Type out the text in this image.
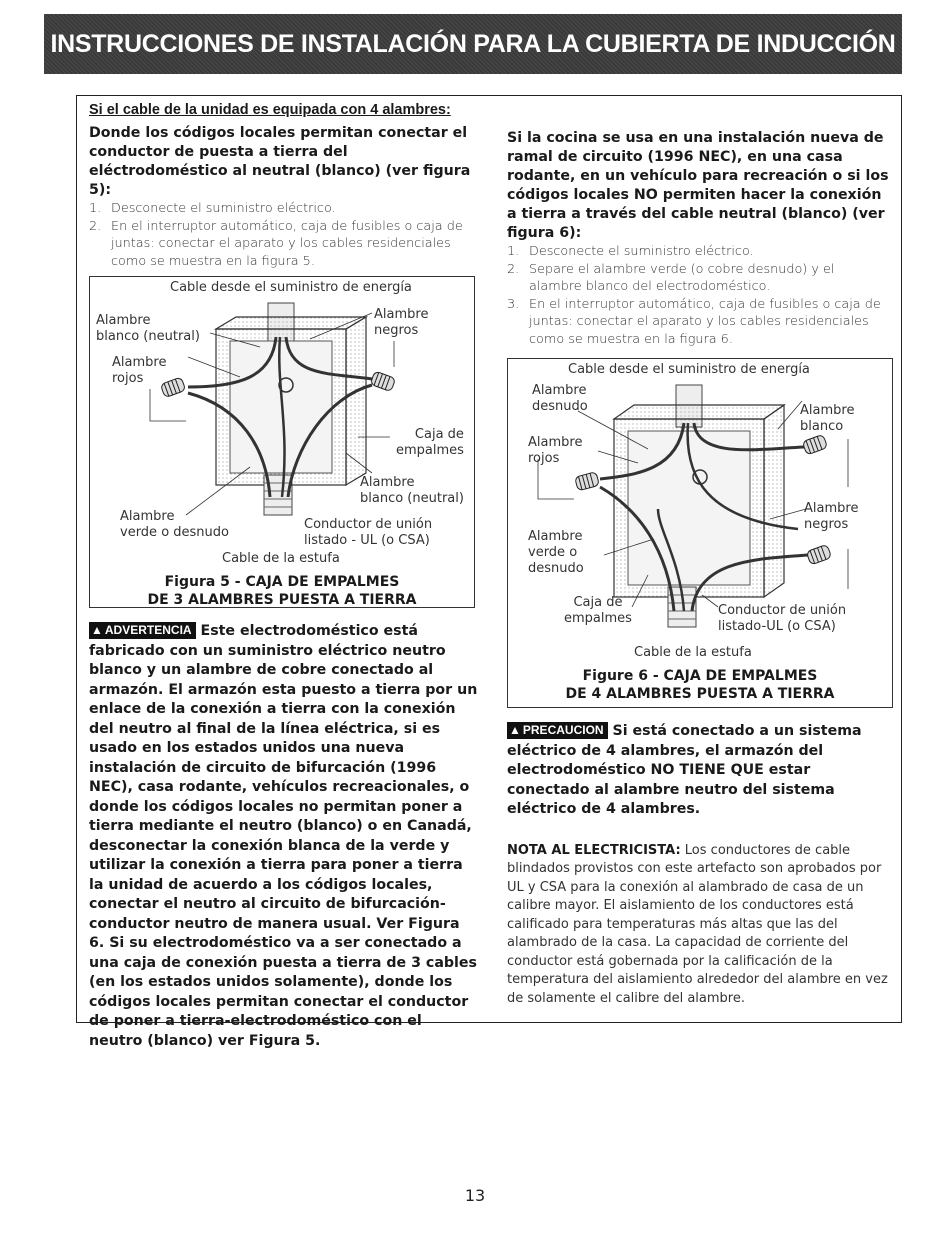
INSTRUCCIONES DE INSTALACIÓN PARA LA CUBIERTA DE INDUCCIÓN
Si el cable de la unidad es equipada con 4 alambres:

Donde los códigos locales permitan conectar el conductor de puesta a tierra del eléctrodoméstico al neutral (blanco) (ver figura 5):

1. Desconecte el suministro eléctrico.
2. En el interruptor automático, caja de fusibles o caja de juntas: conectar el aparato y los cables residenciales como se muestra en la figura 5.
Cable desde el suministro de energía
Alambre
blanco (neutral)
Alambre
negros
Alambre
rojos
Caja de
empalmes
Alambre
blanco (neutral)
Alambre
verde o desnudo
Conductor de unión
listado - UL (o CSA)
Cable de la estufa
Figura 5 - CAJA DE EMPALMES
DE 3 ALAMBRES PUESTA A TIERRA

▲ ADVERTENCIA Este electrodoméstico está fabricado con un suministro eléctrico neutro blanco y un alambre de cobre conectado al armazón. El armazón esta puesto a tierra por un enlace de la conexión a tierra con la conexión del neutro al final de la línea eléctrica, si es usado en los estados unidos una nueva instalación de circuito de bifurcación (1996 NEC), casa rodante, vehículos recreacionales, o donde los códigos locales no permitan poner a tierra mediante el neutro (blanco) o en Canadá, desconectar la conexión blanca de la verde y utilizar la conexión a tierra para poner a tierra la unidad de acuerdo a los códigos locales, conectar el neutro al circuito de bifurcación- conductor neutro de manera usual. Ver Figura 6. Si su electrodoméstico va a ser conectado a una caja de conexión puesta a tierra de 3 cables (en los estados unidos solamente), donde los códigos locales permitan conectar el conductor de poner a tierra-electrodoméstico con el neutro (blanco) ver Figura 5.

Si la cocina se usa en una instalación nueva de ramal de circuito (1996 NEC), en una casa rodante, en un vehículo para recreación o si los códigos locales NO permiten hacer la conexión a tierra a través del cable neutral (blanco) (ver figura 6):

1. Desconecte el suministro eléctrico.
2. Separe el alambre verde (o cobre desnudo) y el alambre blanco del electrodoméstico.
3. En el interruptor automático, caja de fusibles o caja de juntas: conectar el aparato y los cables residenciales como se muestra en la figura 6.
Cable desde el suministro de energía
Alambre
desnudo	Alambre
blanco
Alambre
rojos
Alambre
negros
Alambre
verde o
desnudo
Caja de
empalmes
Conductor de unión
listado-UL (o CSA)
Cable de la estufa
Figure 6 - CAJA DE EMPALMES
DE 4 ALAMBRES PUESTA A TIERRA

▲ PRECAUCION Si está conectado a un sistema eléctrico de 4 alambres, el armazón del electrodoméstico NO TIENE QUE estar conectado al alambre neutro del sistema eléctrico de 4 alambres.

NOTA AL ELECTRICISTA: Los conductores de cable blindados provistos con este artefacto son aprobados por UL y CSA para la conexión al alambrado de casa de un calibre mayor. El aislamiento de los conductores está calificado para temperaturas más altas que las del alambrado de la casa. La capacidad de corriente del conductor está gobernada por la calificación de la temperatura del aislamiento alrededor del alambre en vez de solamente el calibre del alambre.

13
